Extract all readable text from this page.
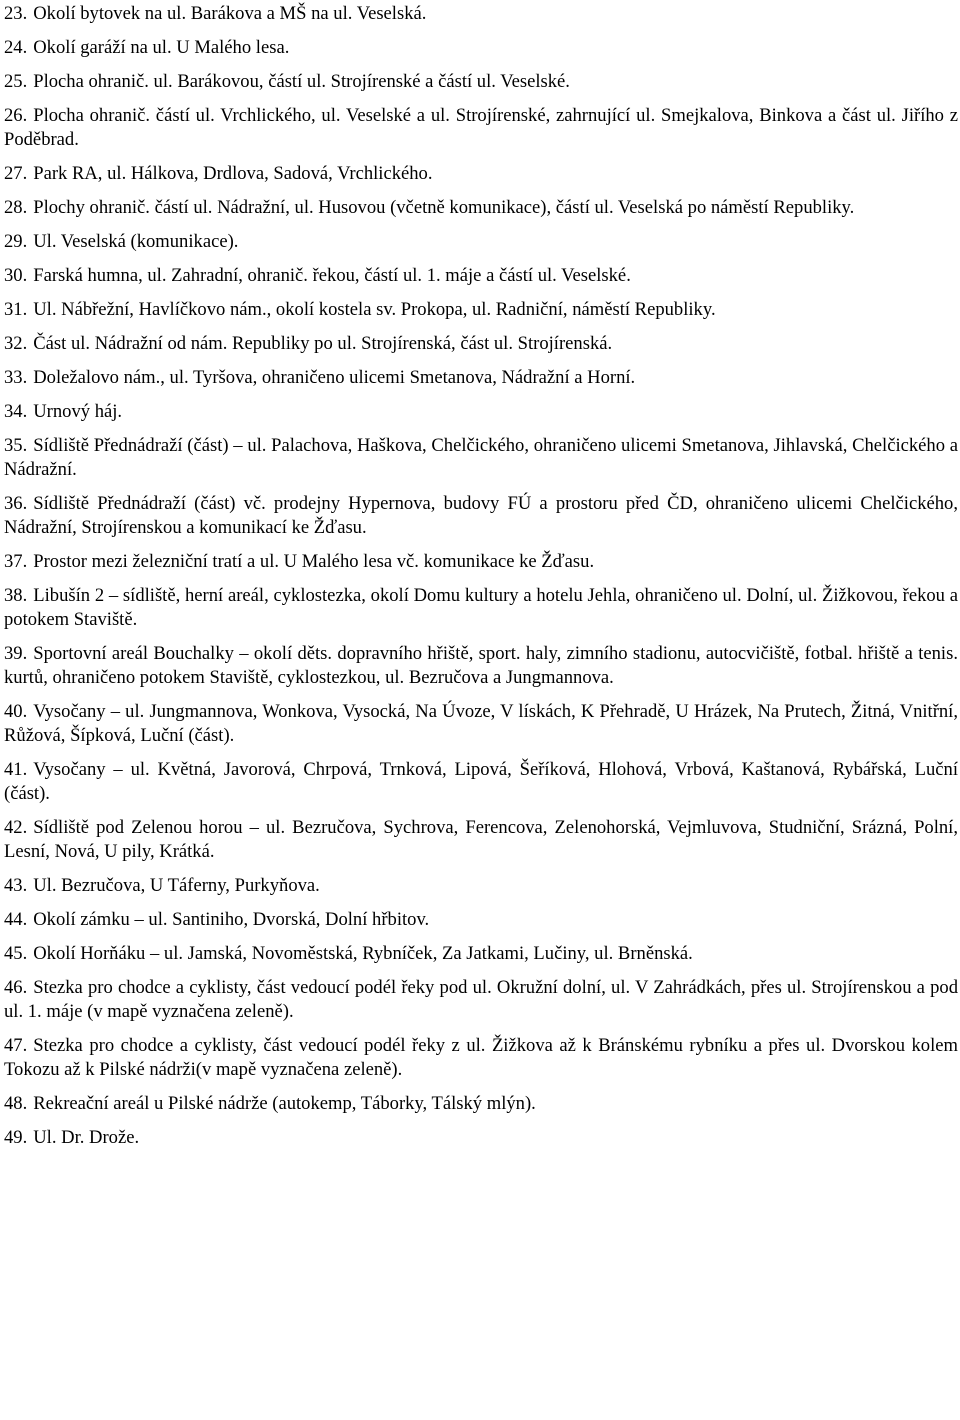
23. Okolí bytovek na ul. Barákova a MŠ na ul. Veselská.

24. Okolí garáží na ul. U Malého lesa.

25. Plocha ohranič. ul. Barákovou, částí ul. Strojírenské a částí ul. Veselské.

26. Plocha ohranič. částí ul. Vrchlického, ul. Veselské a ul. Strojírenské, zahrnující ul. Smejkalova, Binkova a část ul. Jiřího z Poděbrad.

27. Park RA, ul. Hálkova, Drdlova, Sadová, Vrchlického.

28. Plochy ohranič. částí ul. Nádražní, ul. Husovou (včetně komunikace), částí ul. Veselská po náměstí Republiky.

29. Ul. Veselská (komunikace).

30. Farská humna, ul. Zahradní, ohranič. řekou, částí ul. 1. máje a částí ul. Veselské.

31. Ul. Nábřežní, Havlíčkovo nám., okolí kostela sv. Prokopa, ul. Radniční, náměstí Republiky.

32. Část ul. Nádražní od nám. Republiky po ul. Strojírenská, část ul. Strojírenská.

33. Doležalovo nám., ul. Tyršova, ohraničeno ulicemi Smetanova, Nádražní a Horní.

34. Urnový háj.

35. Sídliště Přednádraží (část) – ul. Palachova, Haškova, Chelčického, ohraničeno ulicemi Smetanova, Jihlavská, Chelčického a Nádražní.

36. Sídliště Přednádraží (část) vč. prodejny Hypernova, budovy FÚ a prostoru před ČD, ohraničeno ulicemi Chelčického, Nádražní, Strojírenskou a komunikací ke Žďasu.

37. Prostor mezi železniční tratí a ul. U Malého lesa vč. komunikace ke Žďasu.

38. Libušín 2 – sídliště, herní areál, cyklostezka, okolí Domu kultury a hotelu Jehla, ohraničeno ul. Dolní, ul. Žižkovou, řekou a potokem Staviště.

39. Sportovní areál Bouchalky – okolí děts. dopravního hřiště, sport. haly, zimního stadionu, autocvičiště, fotbal. hřiště a tenis. kurtů, ohraničeno potokem Staviště, cyklostezkou, ul. Bezručova a Jungmannova.

40. Vysočany – ul. Jungmannova, Wonkova, Vysocká, Na Úvoze, V lískách, K Přehradě, U Hrázek, Na Prutech, Žitná, Vnitřní, Růžová, Šípková, Luční (část).

41. Vysočany – ul. Květná, Javorová, Chrpová, Trnková, Lipová, Šeříková, Hlohová, Vrbová, Kaštanová, Rybářská, Luční (část).

42. Sídliště pod Zelenou horou – ul. Bezručova, Sychrova, Ferencova, Zelenohorská, Vejmluvova, Studniční, Srázná, Polní, Lesní, Nová, U pily, Krátká.

43. Ul. Bezručova, U Táferny, Purkyňova.

44. Okolí zámku – ul. Santiniho, Dvorská, Dolní hřbitov.

45. Okolí Horňáku – ul. Jamská, Novoměstská, Rybníček, Za Jatkami, Lučiny, ul. Brněnská.

46. Stezka pro chodce a cyklisty, část vedoucí podél řeky pod ul. Okružní dolní, ul. V Zahrádkách, přes ul. Strojírenskou a pod ul. 1. máje (v mapě vyznačena zeleně).

47. Stezka pro chodce a cyklisty, část vedoucí podél řeky z ul. Žižkova až k Bránskému rybníku a přes ul. Dvorskou kolem Tokozu až k Pilské nádrži(v mapě vyznačena zeleně).

48. Rekreační areál u Pilské nádrže (autokemp, Táborky, Tálský mlýn).

49. Ul. Dr. Drože.
